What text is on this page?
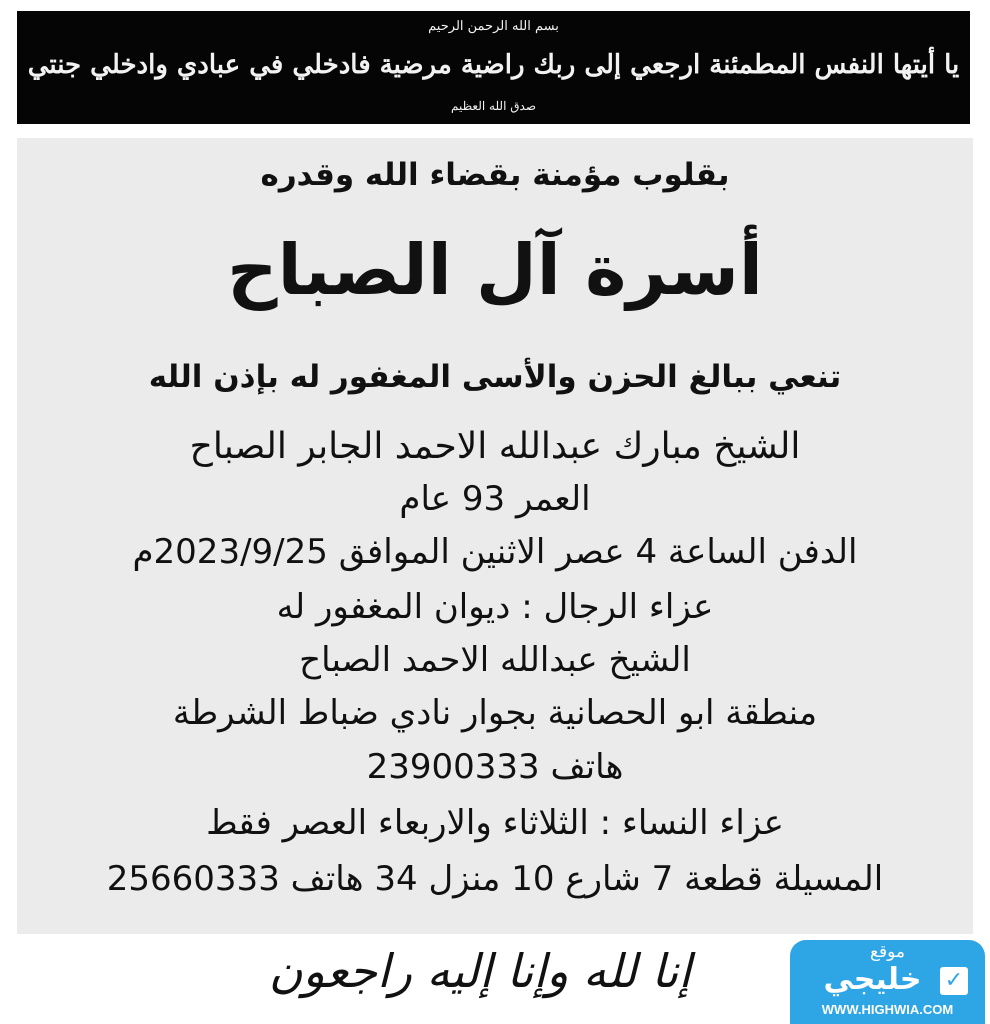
بسم الله الرحمن الرحيم
يا أيتها النفس المطمئنة ارجعي إلى ربك راضية مرضية فادخلي في عبادي وادخلي جنتي
صدق الله العظيم
بقلوب مؤمنة بقضاء الله وقدره
أسرة آل الصباح
تنعي ببالغ الحزن والأسى المغفور له بإذن الله
الشيخ مبارك عبدالله الاحمد الجابر الصباح
العمر 93 عام
الدفن الساعة 4 عصر الاثنين الموافق 2023/9/25م
عزاء الرجال : ديوان المغفور له
الشيخ عبدالله الاحمد الصباح
منطقة ابو الحصانية بجوار نادي ضباط الشرطة
هاتف 23900333
عزاء النساء : الثلاثاء والاربعاء العصر فقط
المسيلة قطعة 7 شارع 10 منزل 34 هاتف 25660333
إنا لله وإنا إليه راجعون	موقع
خليجي	✓
WWW.HIGHWIA.COM
